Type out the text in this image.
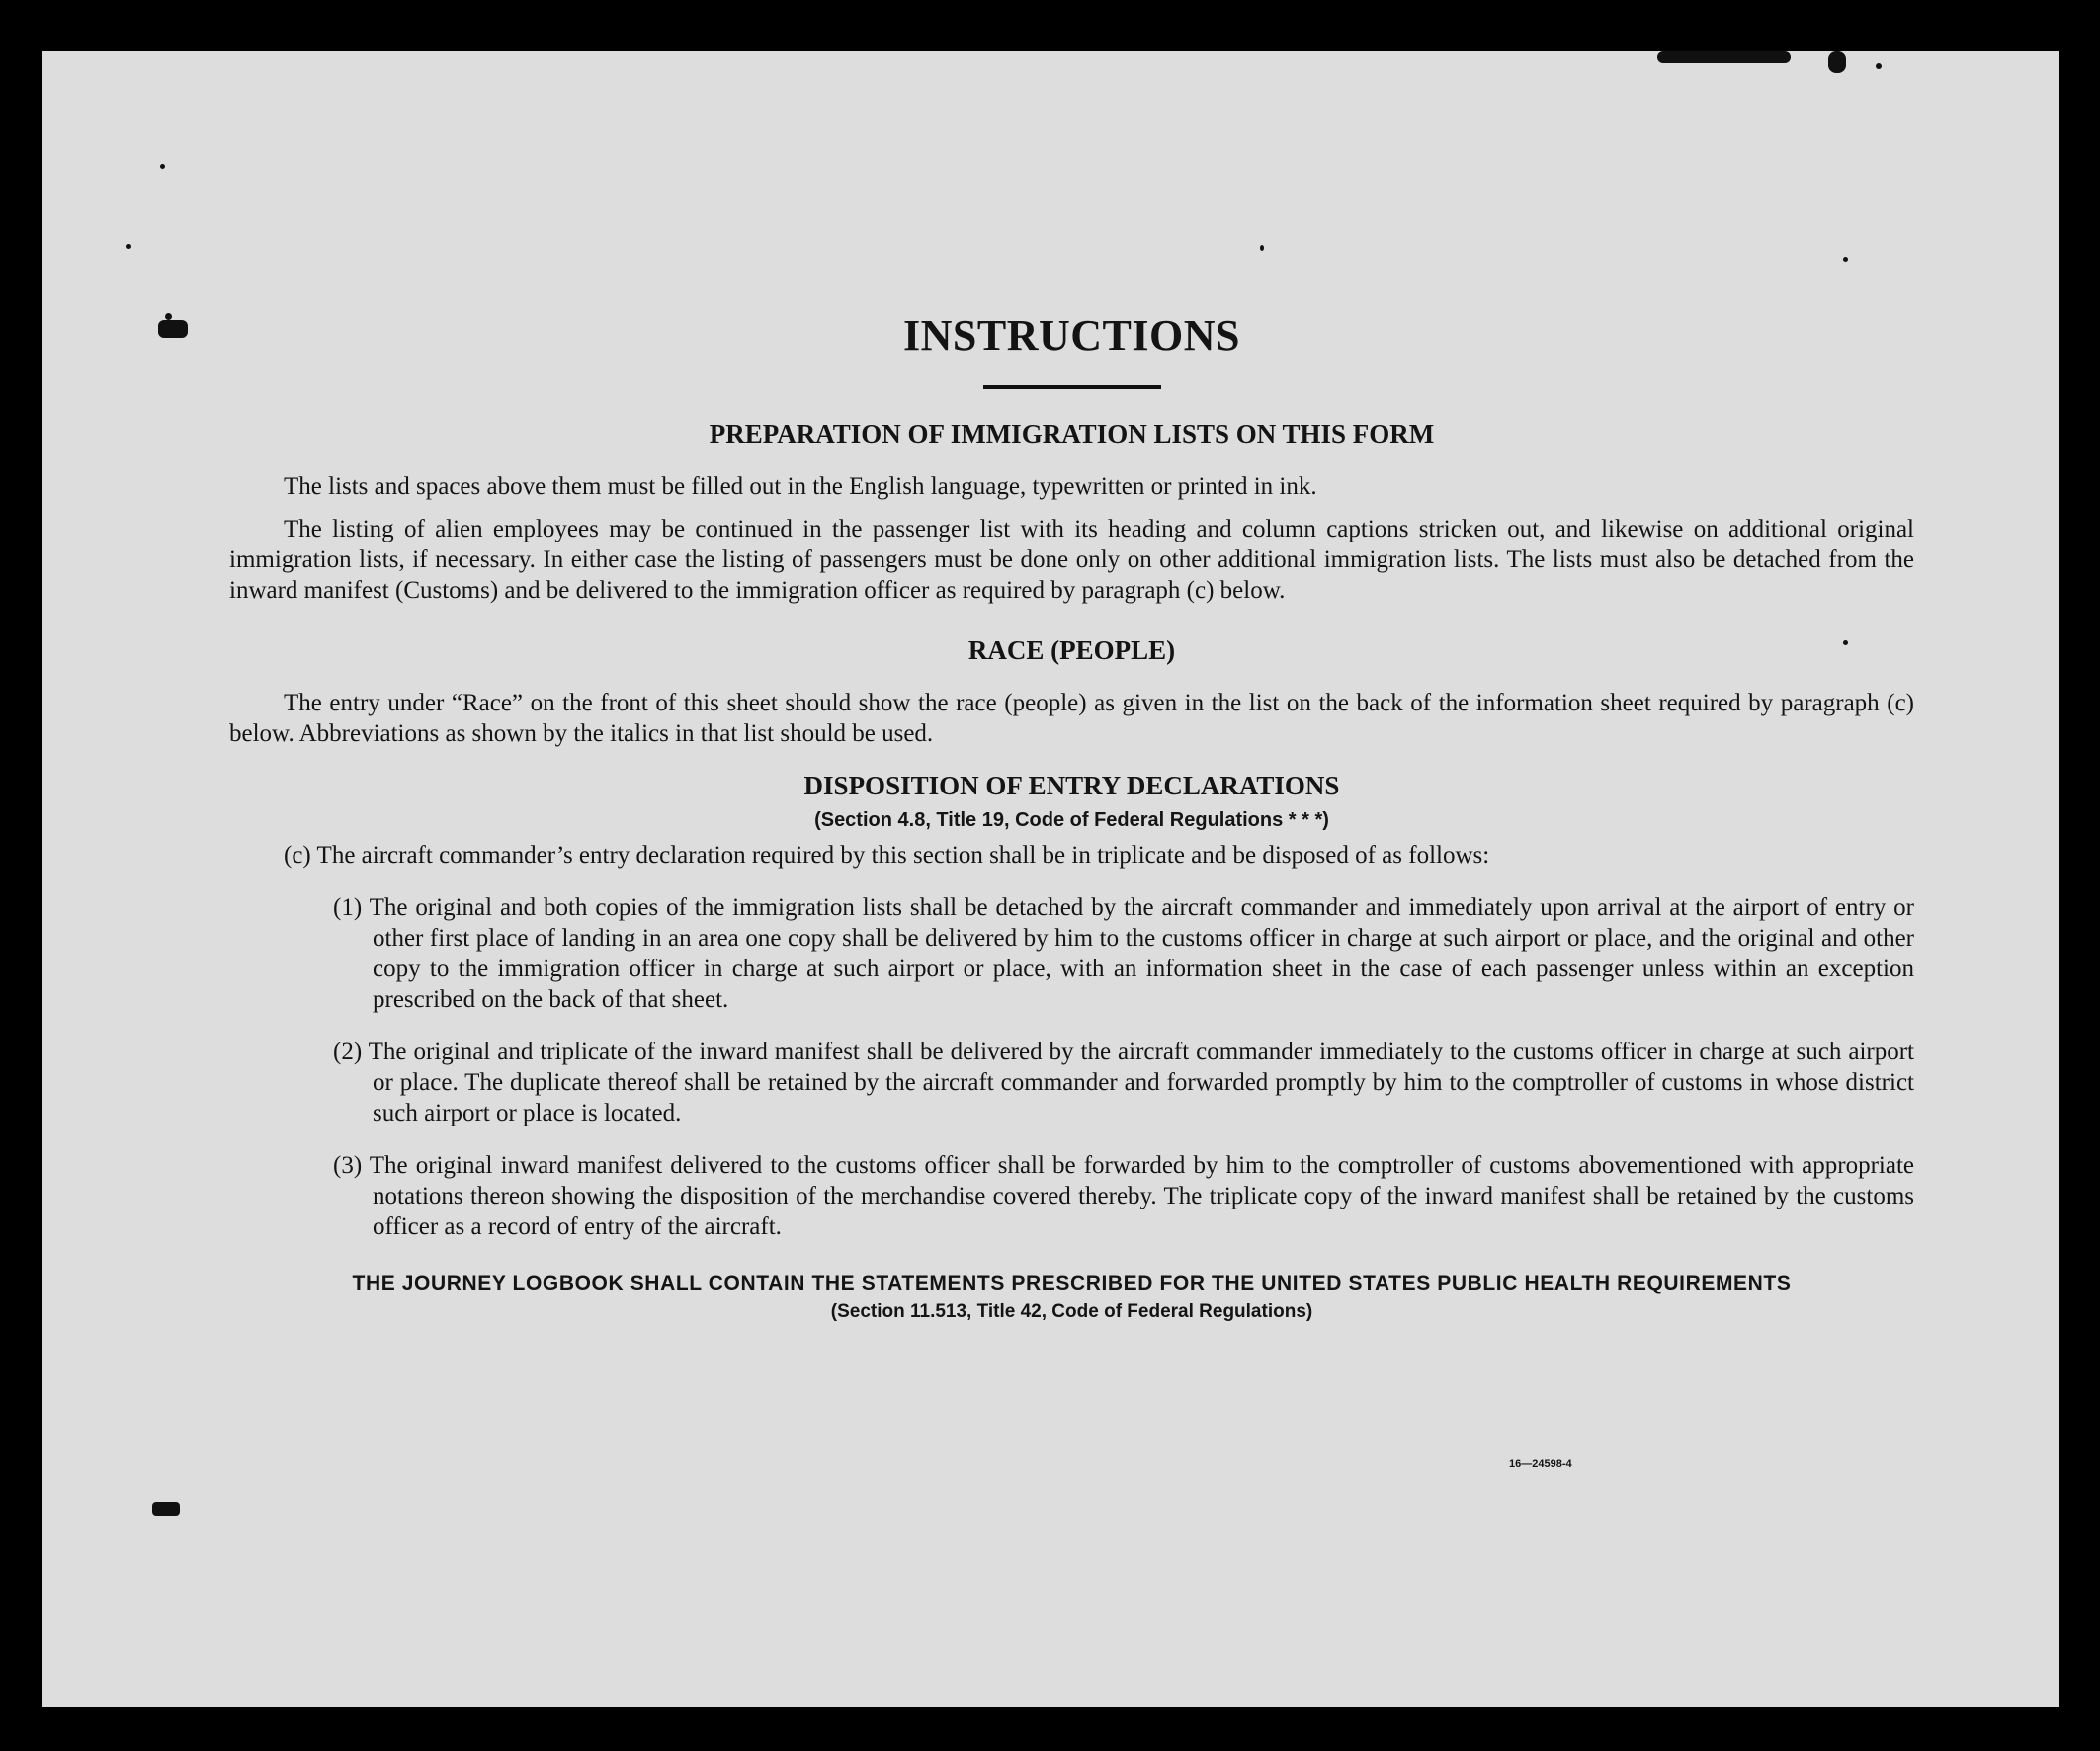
INSTRUCTIONS
PREPARATION OF IMMIGRATION LISTS ON THIS FORM

The lists and spaces above them must be filled out in the English language, typewritten or printed in ink.

The listing of alien employees may be continued in the passenger list with its heading and column captions stricken out, and likewise on additional original immigration lists, if necessary. In either case the listing of passengers must be done only on other additional immigration lists. The lists must also be detached from the inward manifest (Customs) and be delivered to the immigration officer as required by paragraph (c) below.

RACE (PEOPLE)

The entry under “Race” on the front of this sheet should show the race (people) as given in the list on the back of the information sheet required by paragraph (c) below. Abbreviations as shown by the italics in that list should be used.

DISPOSITION OF ENTRY DECLARATIONS

(Section 4.8, Title 19, Code of Federal Regulations * * *)

(c) The aircraft commander’s entry declaration required by this section shall be in triplicate and be disposed of as follows:

(1) The original and both copies of the immigration lists shall be detached by the aircraft commander and immediately upon arrival at the airport of entry or other first place of landing in an area one copy shall be delivered by him to the customs officer in charge at such airport or place, and the original and other copy to the immigration officer in charge at such airport or place, with an information sheet in the case of each passenger unless within an exception prescribed on the back of that sheet.

(2) The original and triplicate of the inward manifest shall be delivered by the aircraft commander immediately to the customs officer in charge at such airport or place. The duplicate thereof shall be retained by the aircraft commander and forwarded promptly by him to the comptroller of customs in whose district such airport or place is located.

(3) The original inward manifest delivered to the customs officer shall be forwarded by him to the comptroller of customs abovementioned with appropriate notations thereon showing the disposition of the merchandise covered thereby. The triplicate copy of the inward manifest shall be retained by the customs officer as a record of entry of the aircraft.

THE JOURNEY LOGBOOK SHALL CONTAIN THE STATEMENTS PRESCRIBED FOR THE UNITED STATES PUBLIC HEALTH REQUIREMENTS

(Section 11.513, Title 42, Code of Federal Regulations)

16—24598-4
